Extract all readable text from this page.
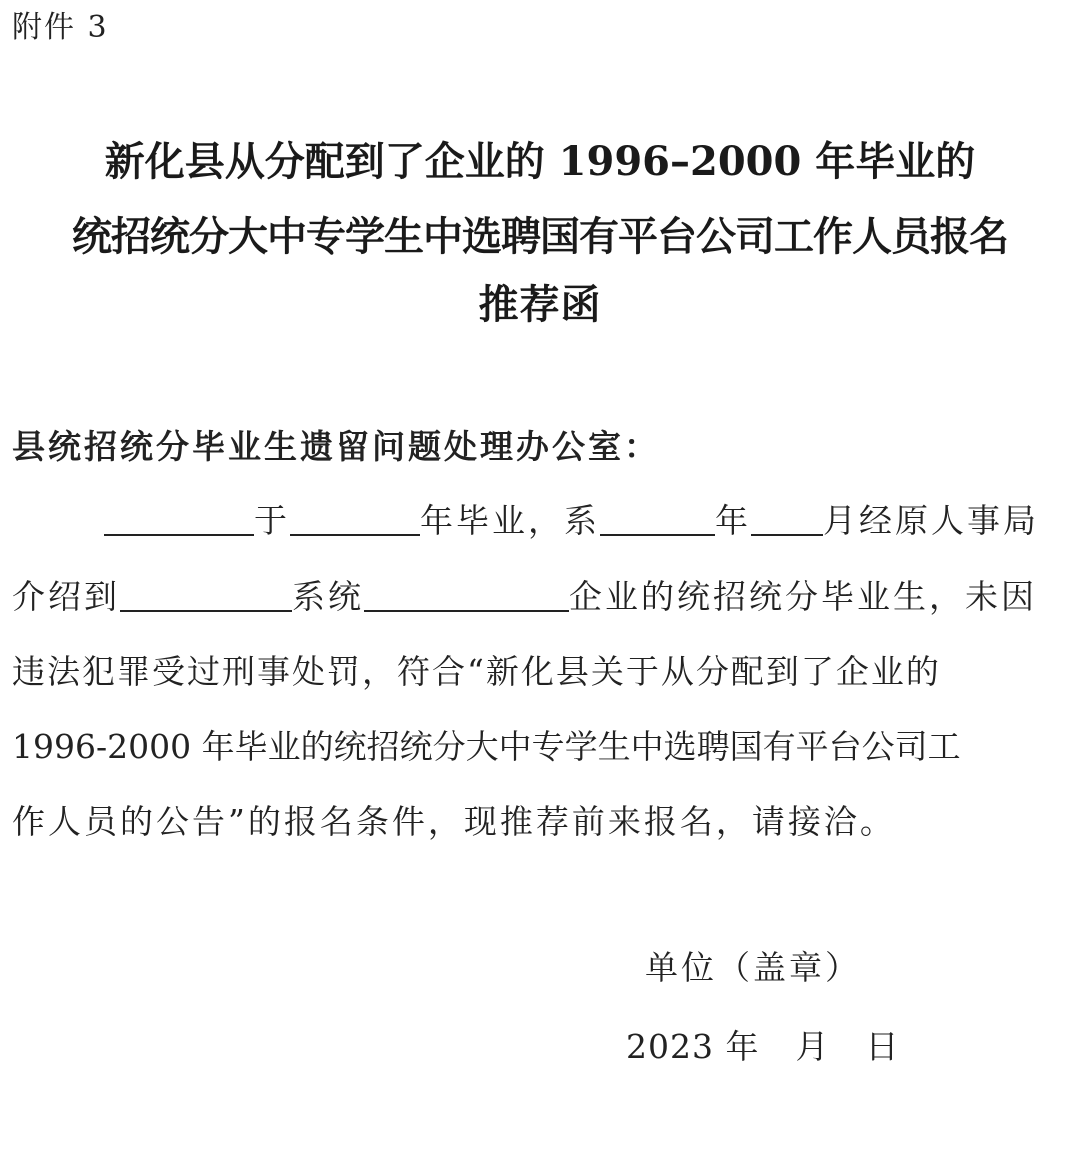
附件 3
新化县从分配到了企业的 1996–2000 年毕业的
统招统分大中专学生中选聘国有平台公司工作人员报名
推荐函
县统招统分毕业生遗留问题处理办公室：
于	年毕业，系	年 月经原人事局
介绍到	系统	企业的统招统分毕业生，未因
违法犯罪受过刑事处罚，符合“新化县关于从分配到了企业的
1996-2000 年毕业的统招统分大中专学生中选聘国有平台公司工
作人员的公告”的报名条件，现推荐前来报名，请接洽。
单位（盖章）
2023 年 月 日
